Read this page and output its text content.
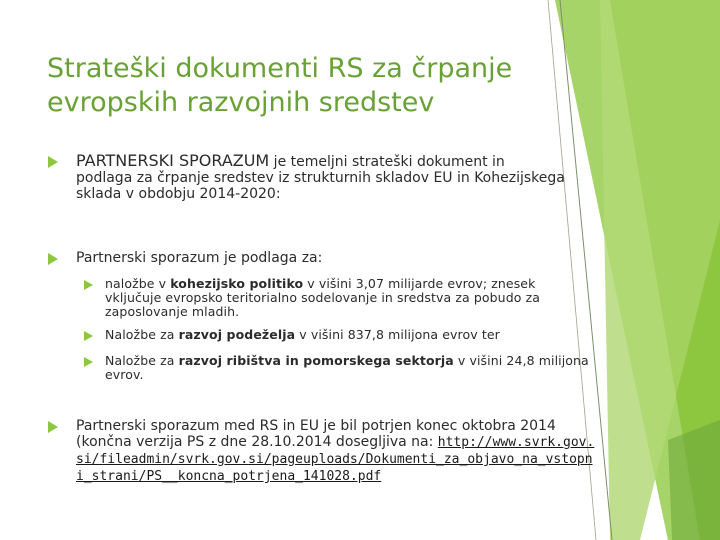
Strateški dokumenti RS za črpanje evropskih razvojnih sredstev
PARTNERSKI SPORAZUM je temeljni strateški dokument in
podlaga za črpanje sredstev iz strukturnih skladov EU in Kohezijskega sklada v obdobju 2014-2020:
Partnerski sporazum je podlaga za:
naložbe v kohezijsko politiko v višini 3,07 milijarde evrov; znesek vključuje evropsko teritorialno sodelovanje in sredstva za pobudo za zaposlovanje mladih.
Naložbe za razvoj podeželja v višini 837,8 milijona evrov ter
Naložbe za razvoj ribištva in pomorskega sektorja v višini 24,8 milijona evrov.
Partnerski sporazum med RS in EU je bil potrjen konec oktobra 2014 (končna verzija PS z dne 28.10.2014 dosegljiva na: http://www.svrk.gov.si/fileadmin/svrk.gov.si/pageuploads/Dokumenti_za_objavo_na_vstopni_strani/PS__koncna_potrjena_141028.pdf
